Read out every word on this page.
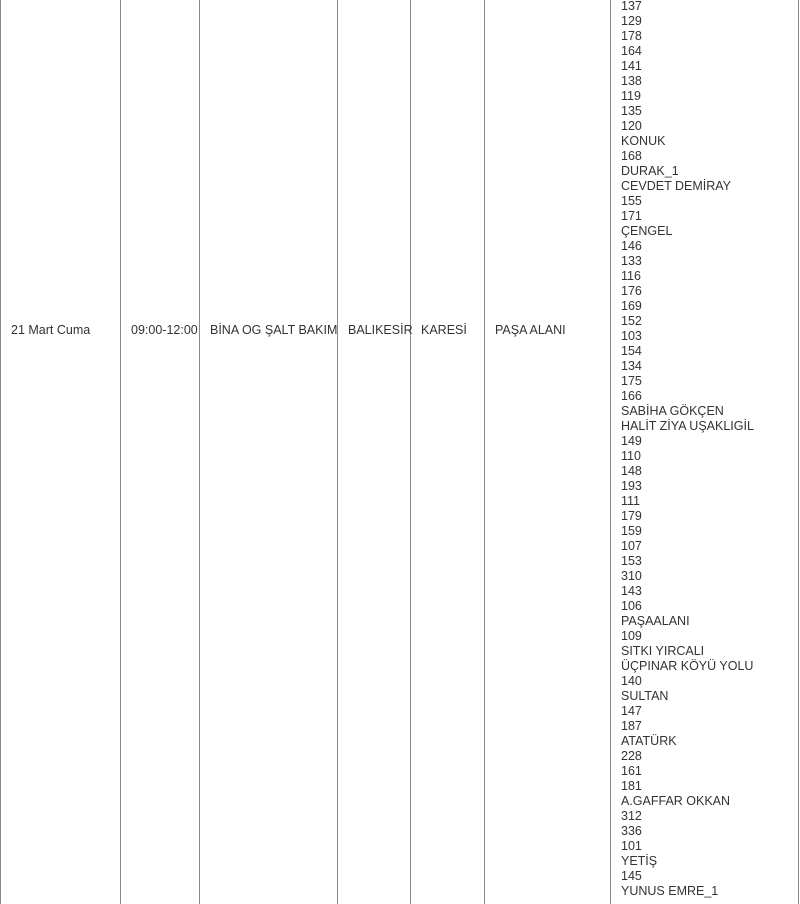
21 Mart Cuma	09:00-12:00 BİNA OG ŞALT BAKIM BALIKESİR KARESİ PAŞA ALANI
137
129
178
164
141
138
119
135
120
KONUK
168
DURAK_1
CEVDET DEMİRAY
155
171
ÇENGEL
146
133
116
176
169
152
103
154
134
175
166
SABİHA GÖKÇEN
HALİT ZİYA UŞAKLIGİL
149
110
148
193
111
179
159
107
153
310
143
106
PAŞAALANI
109
SITKI YIRCALI
ÜÇPINAR KÖYÜ YOLU
140
SULTAN
147
187
ATATÜRK
228
161
181
A.GAFFAR OKKAN
312
336
101
YETİŞ
145
YUNUS EMRE_1
